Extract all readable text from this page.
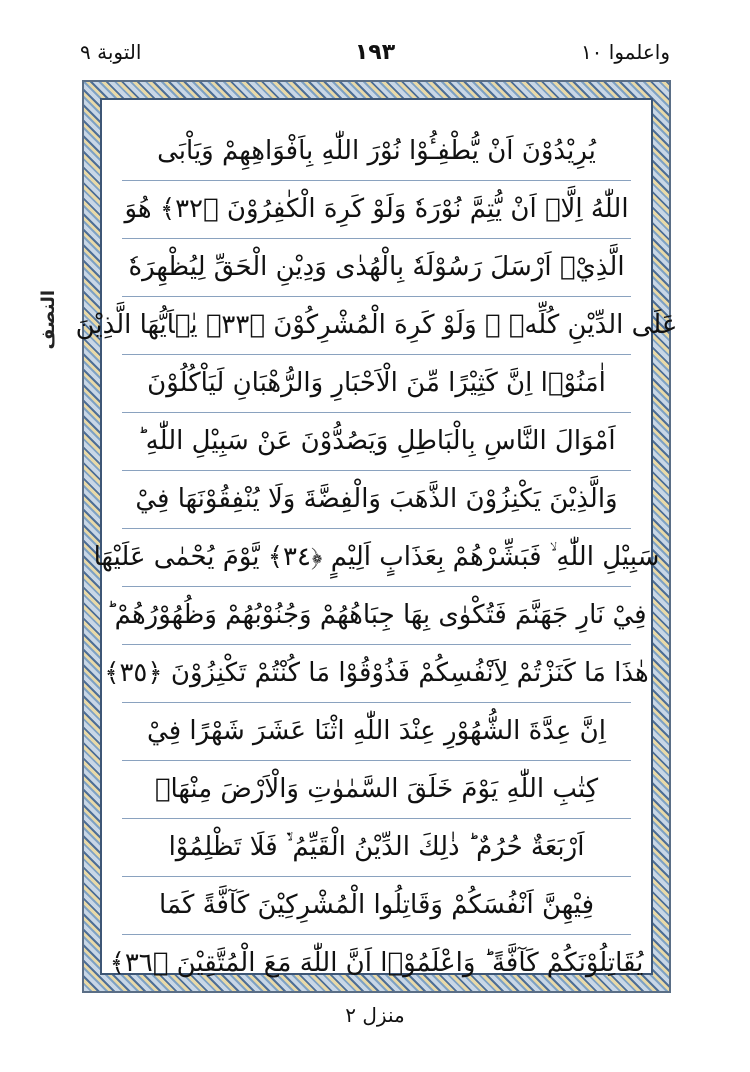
واعلموا ١٠
١٩٣
التوبة ٩
النصف
يُرِيْدُوْنَ اَنْ يُّطْفِـُٔوْا نُوْرَ اللّٰهِ بِاَفْوَاهِهِمْ وَيَاْبَى
اللّٰهُ اِلَّاۤ اَنْ يُّتِمَّ نُوْرَهٗ وَلَوْ كَرِهَ الْكٰفِرُوْنَ ﴿٣٢﴾ هُوَ
الَّذِيْۤ اَرْسَلَ رَسُوْلَهٗ بِالْهُدٰى وَدِيْنِ الْحَقِّ لِيُظْهِرَهٗ
عَلَى الدِّيْنِ كُلِّهٖ ۙ وَلَوْ كَرِهَ الْمُشْرِكُوْنَ ﴿٣٣﴾ يٰۤاَيُّهَا الَّذِيْنَ
اٰمَنُوْۤا اِنَّ كَثِيْرًا مِّنَ الْاَحْبَارِ وَالرُّهْبَانِ لَيَاْكُلُوْنَ
اَمْوَالَ النَّاسِ بِالْبَاطِلِ وَيَصُدُّوْنَ عَنْ سَبِيْلِ اللّٰهِ ؕ
وَالَّذِيْنَ يَكْنِزُوْنَ الذَّهَبَ وَالْفِضَّةَ وَلَا يُنْفِقُوْنَهَا فِيْ
سَبِيْلِ اللّٰهِ ۙ فَبَشِّرْهُمْ بِعَذَابٍ اَلِيْمٍ ﴿٣٤﴾ يَّوْمَ يُحْمٰى عَلَيْهَا
فِيْ نَارِ جَهَنَّمَ فَتُكْوٰى بِهَا جِبَاهُهُمْ وَجُنُوْبُهُمْ وَظُهُوْرُهُمْ ؕ
هٰذَا مَا كَنَزْتُمْ لِاَنْفُسِكُمْ فَذُوْقُوْا مَا كُنْتُمْ تَكْنِزُوْنَ ﴿٣٥﴾
اِنَّ عِدَّةَ الشُّهُوْرِ عِنْدَ اللّٰهِ اثْنَا عَشَرَ شَهْرًا فِيْ
كِتٰبِ اللّٰهِ يَوْمَ خَلَقَ السَّمٰوٰتِ وَالْاَرْضَ مِنْهَاۤ
اَرْبَعَةٌ حُرُمٌ ؕ ذٰلِكَ الدِّيْنُ الْقَيِّمُ ۙ۬ فَلَا تَظْلِمُوْا
فِيْهِنَّ اَنْفُسَكُمْ وَقَاتِلُوا الْمُشْرِكِيْنَ كَآفَّةً كَمَا
يُقَاتِلُوْنَكُمْ كَآفَّةً ؕ وَاعْلَمُوْۤا اَنَّ اللّٰهَ مَعَ الْمُتَّقِيْنَ ﴿٣٦﴾
منزل ٢
